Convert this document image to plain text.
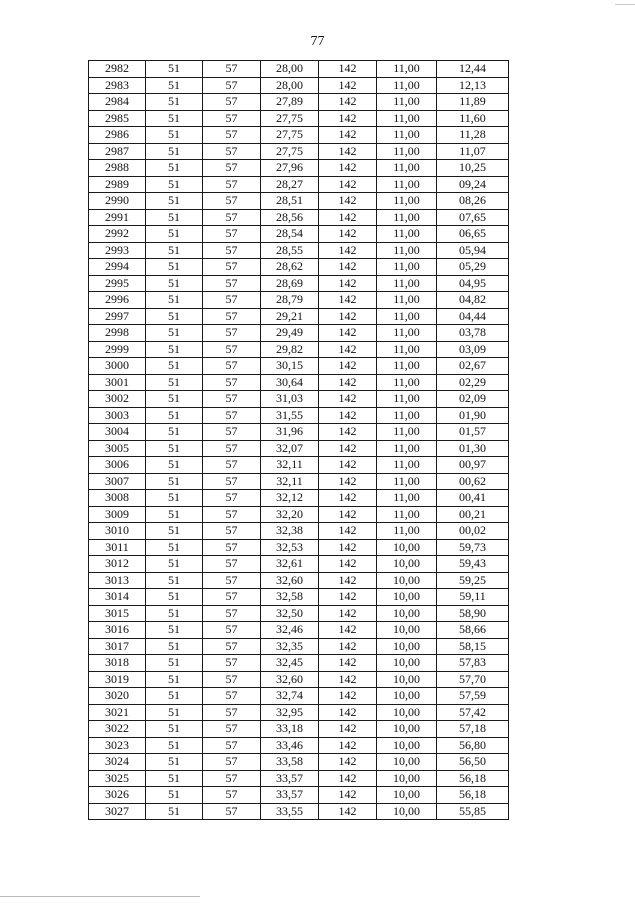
77
2982	51	57	28,00	142	11,00	12,44
2983	51	57	28,00	142	11,00	12,13
2984	51	57	27,89	142	11,00	11,89
2985	51	57	27,75	142	11,00	11,60
2986	51	57	27,75	142	11,00	11,28
2987	51	57	27,75	142	11,00	11,07
2988	51	57	27,96	142	11,00	10,25
2989	51	57	28,27	142	11,00	09,24
2990	51	57	28,51	142	11,00	08,26
2991	51	57	28,56	142	11,00	07,65
2992	51	57	28,54	142	11,00	06,65
2993	51	57	28,55	142	11,00	05,94
2994	51	57	28,62	142	11,00	05,29
2995	51	57	28,69	142	11,00	04,95
2996	51	57	28,79	142	11,00	04,82
2997	51	57	29,21	142	11,00	04,44
2998	51	57	29,49	142	11,00	03,78
2999	51	57	29,82	142	11,00	03,09
3000	51	57	30,15	142	11,00	02,67
3001	51	57	30,64	142	11,00	02,29
3002	51	57	31,03	142	11,00	02,09
3003	51	57	31,55	142	11,00	01,90
3004	51	57	31,96	142	11,00	01,57
3005	51	57	32,07	142	11,00	01,30
3006	51	57	32,11	142	11,00	00,97
3007	51	57	32,11	142	11,00	00,62
3008	51	57	32,12	142	11,00	00,41
3009	51	57	32,20	142	11,00	00,21
3010	51	57	32,38	142	11,00	00,02
3011	51	57	32,53	142	10,00	59,73
3012	51	57	32,61	142	10,00	59,43
3013	51	57	32,60	142	10,00	59,25
3014	51	57	32,58	142	10,00	59,11
3015	51	57	32,50	142	10,00	58,90
3016	51	57	32,46	142	10,00	58,66
3017	51	57	32,35	142	10,00	58,15
3018	51	57	32,45	142	10,00	57,83
3019	51	57	32,60	142	10,00	57,70
3020	51	57	32,74	142	10,00	57,59
3021	51	57	32,95	142	10,00	57,42
3022	51	57	33,18	142	10,00	57,18
3023	51	57	33,46	142	10,00	56,80
3024	51	57	33,58	142	10,00	56,50
3025	51	57	33,57	142	10,00	56,18
3026	51	57	33,57	142	10,00	56,18
3027	51	57	33,55	142	10,00	55,85
